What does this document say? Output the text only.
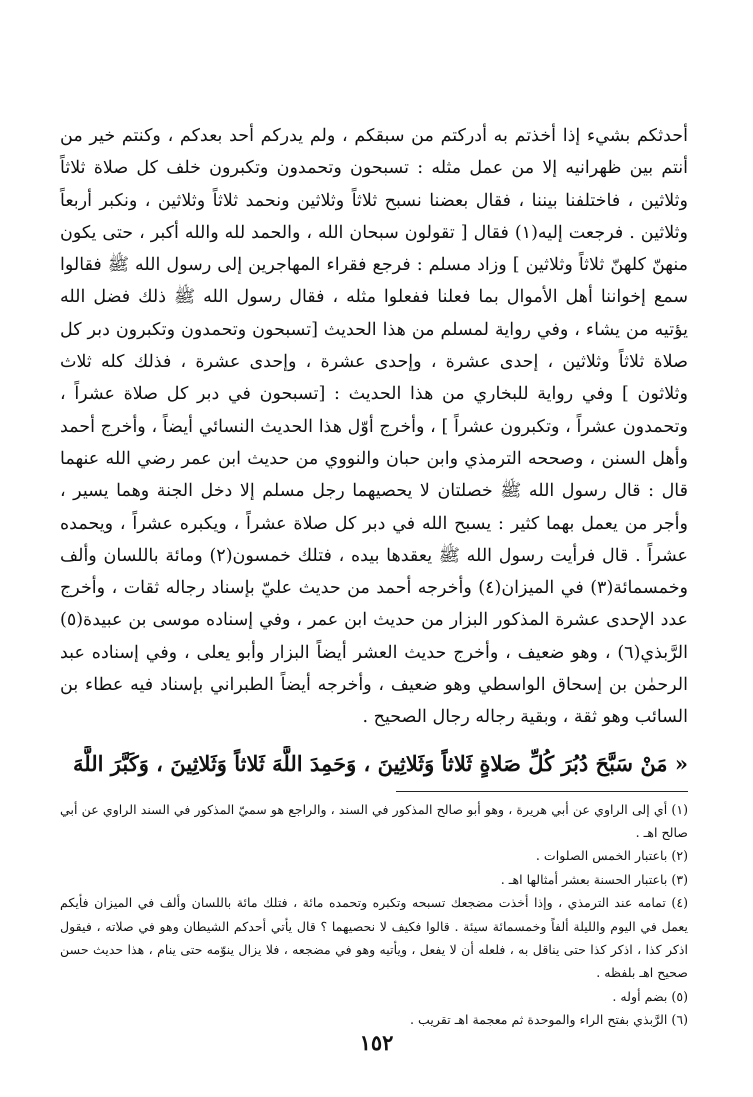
أحدثكم بشيء إذا أخذتم به أدركتم من سبقكم ، ولم يدركم أحد بعدكم ، وكنتم خير من أنتم بين ظهرانيه إلا من عمل مثله : تسبحون وتحمدون وتكبرون خلف كل صلاة ثلاثاً وثلاثين ، فاختلفنا بيننا ، فقال بعضنا نسبح ثلاثاً وثلاثين ونحمد ثلاثاً وثلاثين ، ونكبر أربعاً وثلاثين . فرجعت إليه(١) فقال [ تقولون سبحان الله ، والحمد لله والله أكبر ، حتى يكون منهنّ كلهنّ ثلاثاً وثلاثين ] وزاد مسلم : فرجع فقراء المهاجرين إلى رسول الله ﷺ فقالوا سمع إخواننا أهل الأموال بما فعلنا ففعلوا مثله ، فقال رسول الله ﷺ ذلك فضل الله يؤتيه من يشاء ، وفي رواية لمسلم من هذا الحديث [تسبحون وتحمدون وتكبرون دبر كل صلاة ثلاثاً وثلاثين ، إحدى عشرة ، وإحدى عشرة ، وإحدى عشرة ، فذلك كله ثلاث وثلاثون ] وفي رواية للبخاري من هذا الحديث : [تسبحون في دبر كل صلاة عشراً ، وتحمدون عشراً ، وتكبرون عشراً ] ، وأخرج أوّل هذا الحديث النسائي أيضاً ، وأخرج أحمد وأهل السنن ، وصححه الترمذي وابن حبان والنووي من حديث ابن عمر رضي الله عنهما قال : قال رسول الله ﷺ خصلتان لا يحصيهما رجل مسلم إلا دخل الجنة وهما يسير ، وأجر من يعمل بهما كثير : يسبح الله في دبر كل صلاة عشراً ، ويكبره عشراً ، ويحمده عشراً . قال فرأيت رسول الله ﷺ يعقدها بيده ، فتلك خمسون(٢) ومائة باللسان وألف وخمسمائة(٣) في الميزان(٤) وأخرجه أحمد من حديث عليّ بإسناد رجاله ثقات ، وأخرج عدد الإحدى عشرة المذكور البزار من حديث ابن عمر ، وفي إسناده موسى بن عبيدة(٥) الرَّبذي(٦) ، وهو ضعيف ، وأخرج حديث العشر أيضاً البزار وأبو يعلى ، وفي إسناده عبد الرحمٰن بن إسحاق الواسطي وهو ضعيف ، وأخرجه أيضاً الطبراني بإسناد فيه عطاء بن السائب وهو ثقة ، وبقية رجاله رجال الصحيح .

« مَنْ سَبَّحَ دُبُرَ كُلِّ صَلاةٍ ثَلاثاً وَثَلاثِينَ ، وَحَمِدَ اللَّهَ ثَلاثاً وَثَلاثِينَ ، وَكَبَّرَ اللَّهَ
(١) أي إلى الراوي عن أبي هريرة ، وهو أبو صالح المذكور في السند ، والراجع هو سميّ المذكور في السند الراوي عن أبي صالح اهـ .
(٢) باعتبار الخمس الصلوات .
(٣) باعتبار الحسنة بعشر أمثالها اهـ .
(٤) تمامه عند الترمذي ، وإذا أخذت مضجعك تسبحه وتكبره وتحمده مائة ، فتلك مائة باللسان وألف في الميزان فأيكم يعمل في اليوم والليلة ألفاً وخمسمائة سيئة . قالوا فكيف لا نحصيهما ؟ قال يأتي أحدكم الشيطان وهو في صلاته ، فيقول اذكر كذا ، اذكر كذا حتى يناقل به ، فلعله أن لا يفعل ، ويأتيه وهو في مضجعه ، فلا يزال ينوّمه حتى ينام ، هذا حديث حسن صحيح اهـ بلفظه .
(٥) بضم أوله .
(٦) الرَّبذي بفتح الراء والموحدة ثم معجمة اهـ تقريب .
١٥٢
